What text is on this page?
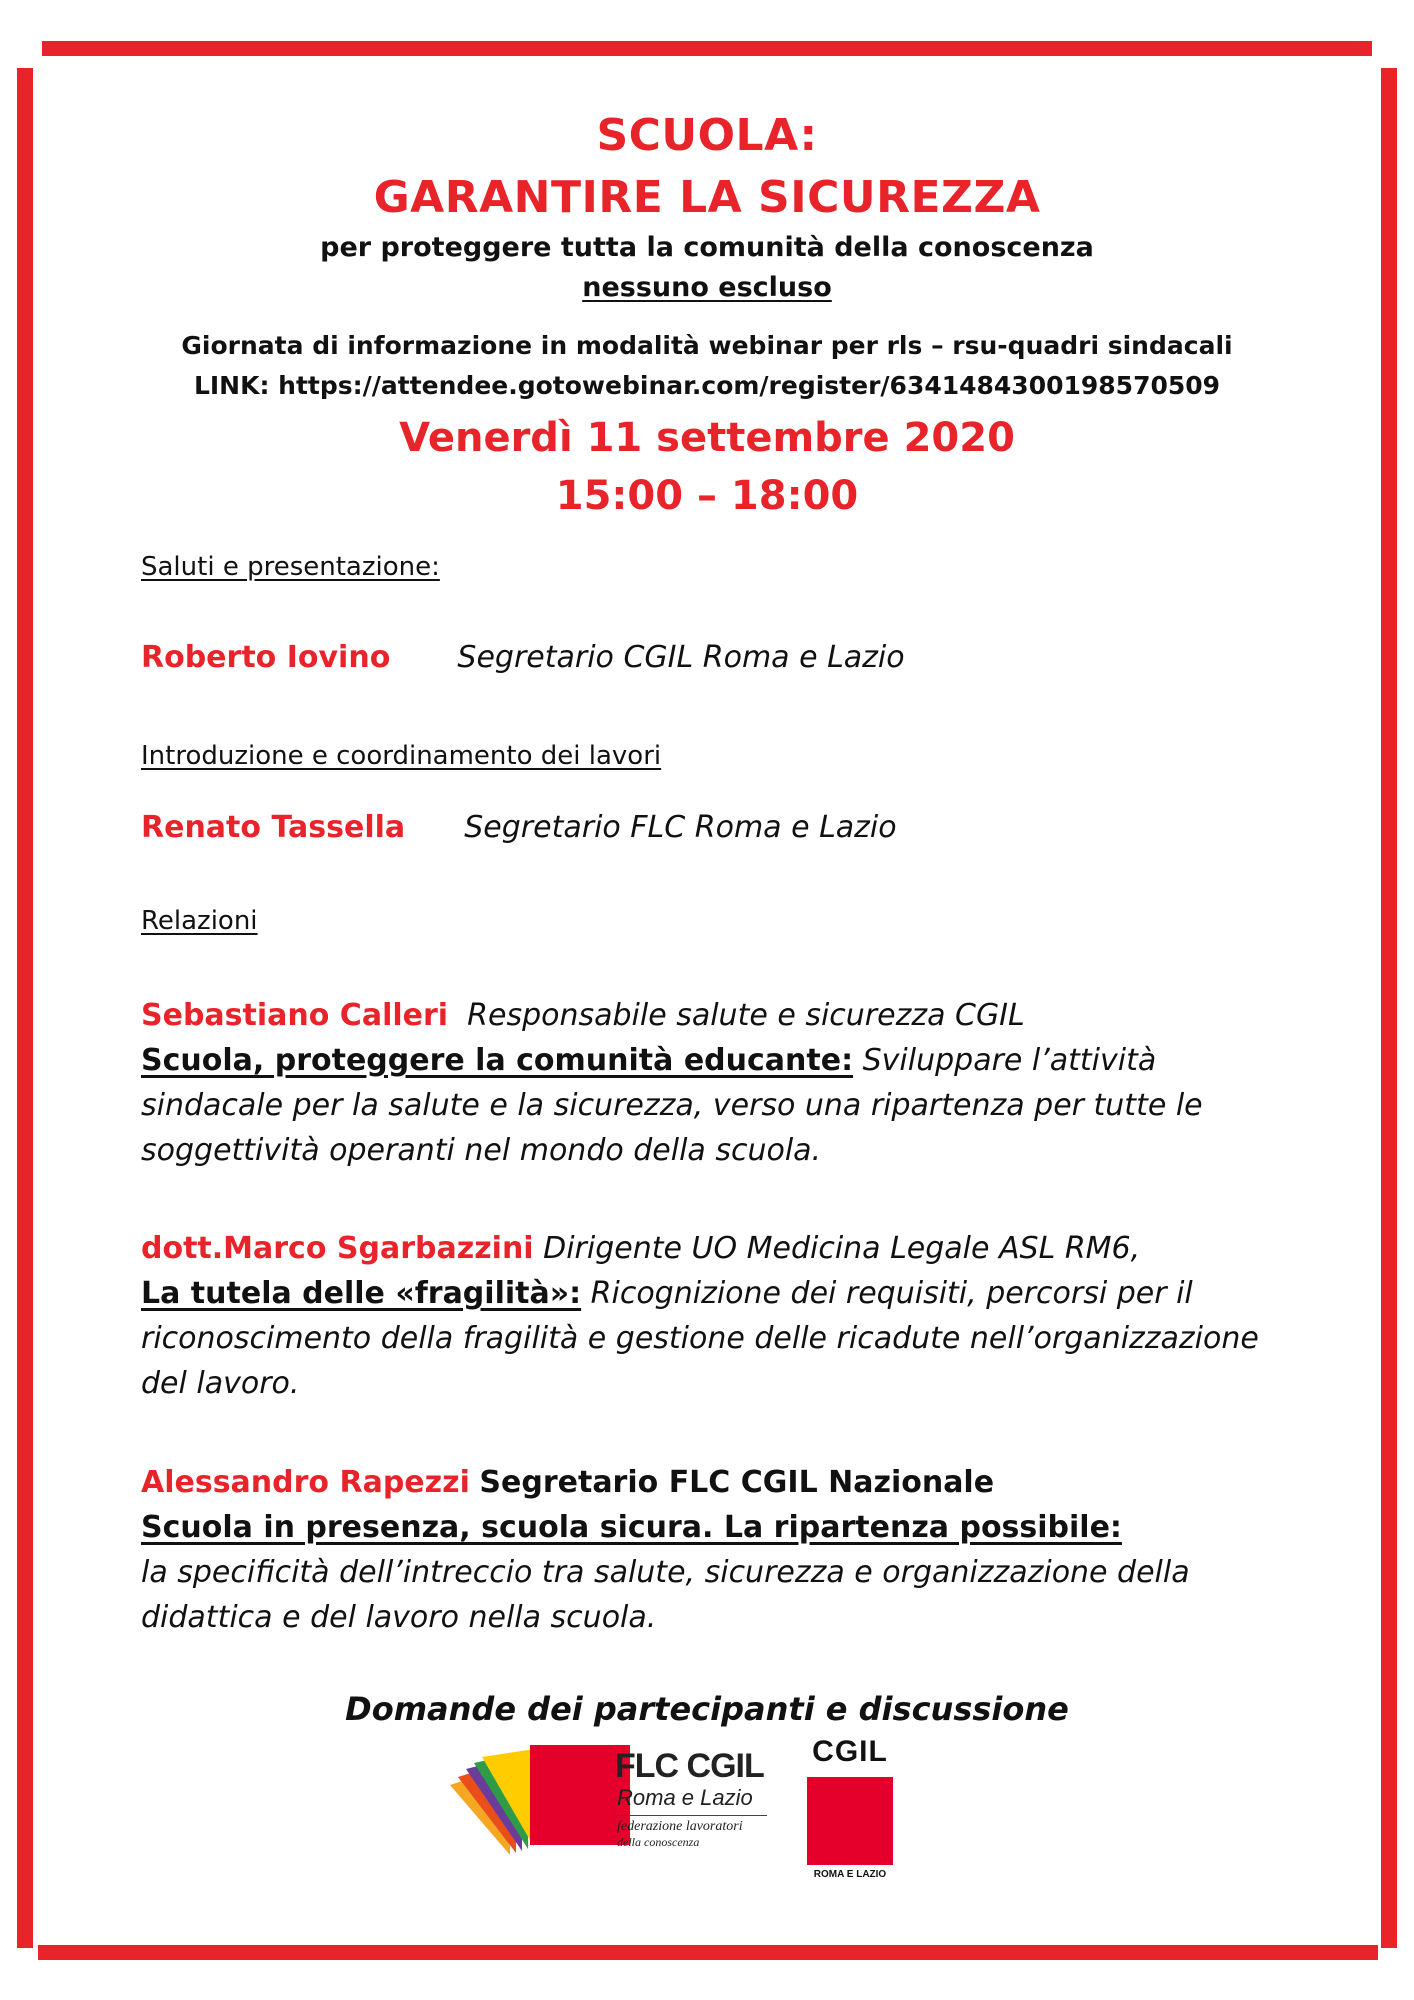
SCUOLA:
GARANTIRE LA SICUREZZA
per proteggere tutta la comunità della conoscenza
nessuno escluso
Giornata di informazione in modalità webinar per rls – rsu-quadri sindacali
LINK: https://attendee.gotowebinar.com/register/6341484300198570509
Venerdì 11 settembre 2020
15:00 – 18:00
Saluti e presentazione:
Roberto Iovino Segretario CGIL Roma e Lazio
Introduzione e coordinamento dei lavori
Renato Tassella Segretario FLC Roma e Lazio
Relazioni
Sebastiano Calleri Responsabile salute e sicurezza CGIL
Scuola, proteggere la comunità educante: Sviluppare l’attività sindacale per la salute e la sicurezza, verso una ripartenza per tutte le soggettività operanti nel mondo della scuola.
dott.Marco Sgarbazzini Dirigente UO Medicina Legale ASL RM6,
La tutela delle «fragilità»: Ricognizione dei requisiti, percorsi per il riconoscimento della fragilità e gestione delle ricadute nell’organizzazione del lavoro.
Alessandro Rapezzi Segretario FLC CGIL Nazionale
Scuola in presenza, scuola sicura. La ripartenza possibile:
la specificità dell’intreccio tra salute, sicurezza e organizzazione della didattica e del lavoro nella scuola.
Domande dei partecipanti e discussione
FLC CGIL
Roma e Lazio
federazione lavoratori
della conoscenza
CGIL
ROMA E LAZIO
